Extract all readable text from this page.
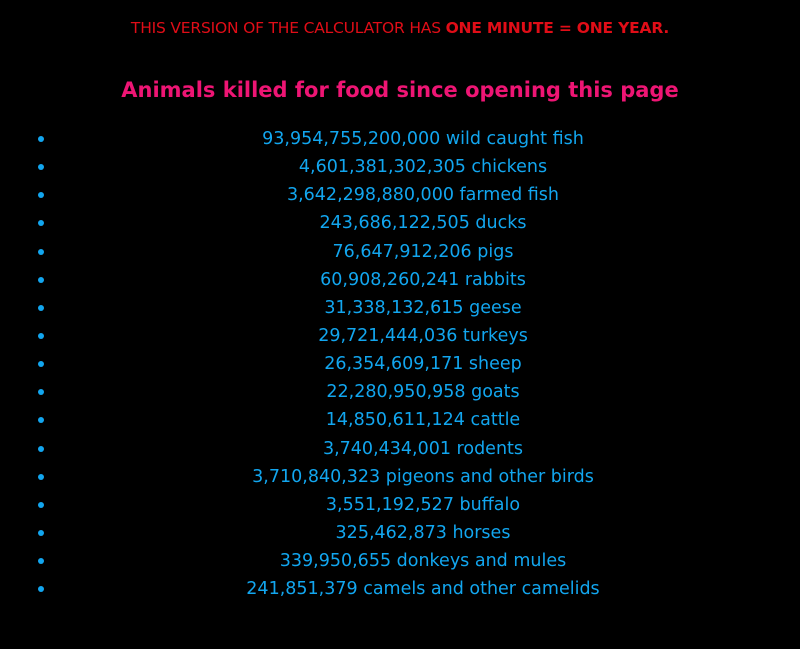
THIS VERSION OF THE CALCULATOR HAS ONE MINUTE = ONE YEAR.
Animals killed for food since opening this page
93,954,755,200,000 wild caught fish
4,601,381,302,305 chickens
3,642,298,880,000 farmed fish
243,686,122,505 ducks
76,647,912,206 pigs
60,908,260,241 rabbits
31,338,132,615 geese
29,721,444,036 turkeys
26,354,609,171 sheep
22,280,950,958 goats
14,850,611,124 cattle
3,740,434,001 rodents
3,710,840,323 pigeons and other birds
3,551,192,527 buffalo
325,462,873 horses
339,950,655 donkeys and mules
241,851,379 camels and other camelids
